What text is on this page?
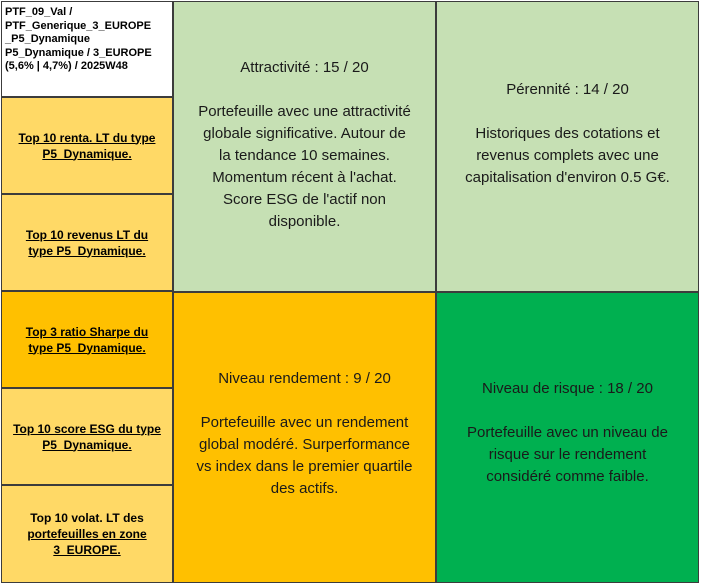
PTF_09_Val /
PTF_Generique_3_EUROPE
_P5_Dynamique
P5_Dynamique / 3_EUROPE
(5,6% | 4,7%) / 2025W48
Top 10 renta. LT du type
P5_Dynamique.
Top 10 revenus LT du
type P5_Dynamique.
Top 3 ratio Sharpe du
type P5_Dynamique.
Top 10 score ESG du type
P5_Dynamique.
Top 10 volat. LT des
portefeuilles en zone
3_EUROPE.
Attractivité : 15 / 20
Portefeuille avec une attractivité
globale significative. Autour de
la tendance 10 semaines.
Momentum récent à l'achat.
Score ESG de l'actif non
disponible.
Pérennité : 14 / 20
Historiques des cotations et
revenus complets avec une
capitalisation d'environ 0.5 G€.
Niveau rendement : 9 / 20
Portefeuille avec un rendement
global modéré. Surperformance
vs index dans le premier quartile
des actifs.
Niveau de risque : 18 / 20
Portefeuille avec un niveau de
risque sur le rendement
considéré comme faible.
